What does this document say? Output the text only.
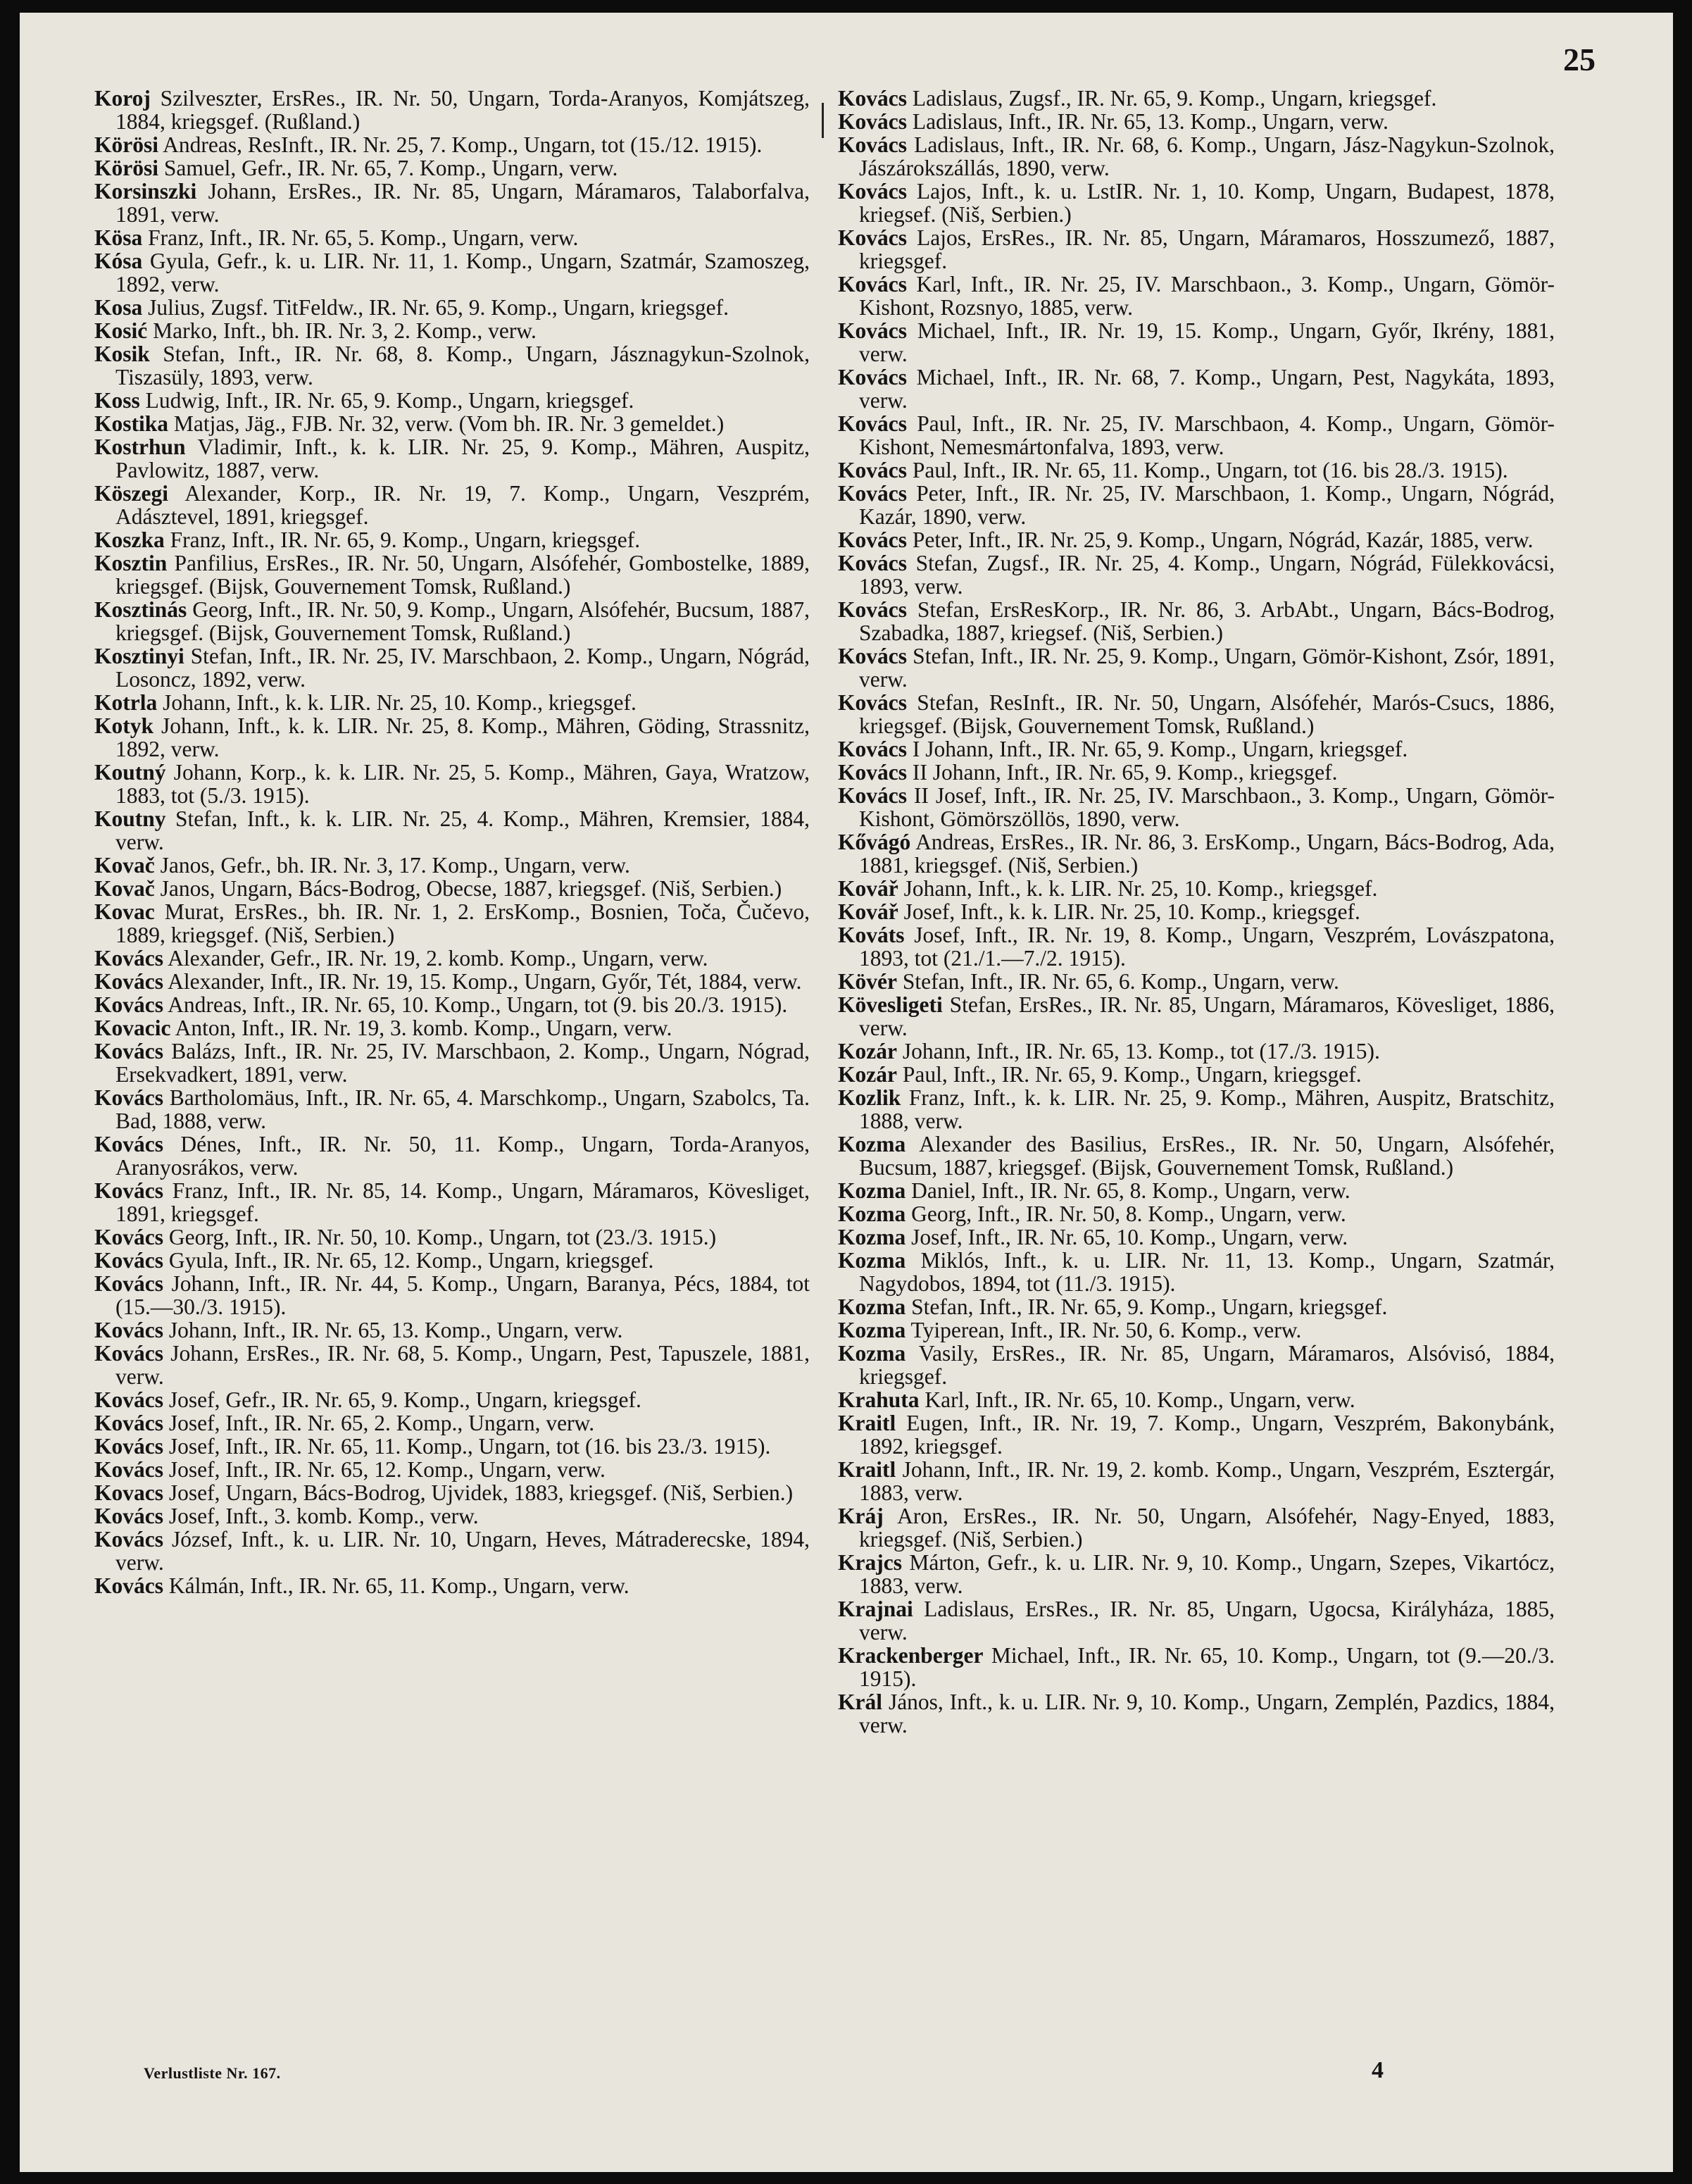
25

Koroj Szilveszter, ErsRes., IR. Nr. 50, Ungarn, Torda-Aranyos, Komjátszeg, 1884, kriegsgef. (Rußland.)

Körösi Andreas, ResInft., IR. Nr. 25, 7. Komp., Ungarn, tot (15./12. 1915).

Körösi Samuel, Gefr., IR. Nr. 65, 7. Komp., Ungarn, verw.

Korsinszki Johann, ErsRes., IR. Nr. 85, Ungarn, Máramaros, Talaborfalva, 1891, verw.

Kösa Franz, Inft., IR. Nr. 65, 5. Komp., Ungarn, verw.

Kósa Gyula, Gefr., k. u. LIR. Nr. 11, 1. Komp., Ungarn, Szatmár, Szamoszeg, 1892, verw.

Kosa Julius, Zugsf. TitFeldw., IR. Nr. 65, 9. Komp., Ungarn, kriegsgef.

Kosić Marko, Inft., bh. IR. Nr. 3, 2. Komp., verw.

Kosik Stefan, Inft., IR. Nr. 68, 8. Komp., Ungarn, Jásznagykun-Szolnok, Tiszasüly, 1893, verw.

Koss Ludwig, Inft., IR. Nr. 65, 9. Komp., Ungarn, kriegsgef.

Kostika Matjas, Jäg., FJB. Nr. 32, verw. (Vom bh. IR. Nr. 3 gemeldet.)

Kostrhun Vladimir, Inft., k. k. LIR. Nr. 25, 9. Komp., Mähren, Auspitz, Pavlowitz, 1887, verw.

Köszegi Alexander, Korp., IR. Nr. 19, 7. Komp., Ungarn, Veszprém, Adásztevel, 1891, kriegsgef.

Koszka Franz, Inft., IR. Nr. 65, 9. Komp., Ungarn, kriegsgef.

Kosztin Panfilius, ErsRes., IR. Nr. 50, Ungarn, Alsófehér, Gombostelke, 1889, kriegsgef. (Bijsk, Gouvernement Tomsk, Rußland.)

Kosztinás Georg, Inft., IR. Nr. 50, 9. Komp., Ungarn, Alsófehér, Bucsum, 1887, kriegsgef. (Bijsk, Gouvernement Tomsk, Rußland.)

Kosztinyi Stefan, Inft., IR. Nr. 25, IV. Marschbaon, 2. Komp., Ungarn, Nógrád, Losoncz, 1892, verw.

Kotrla Johann, Inft., k. k. LIR. Nr. 25, 10. Komp., kriegsgef.

Kotyk Johann, Inft., k. k. LIR. Nr. 25, 8. Komp., Mähren, Göding, Strassnitz, 1892, verw.

Koutný Johann, Korp., k. k. LIR. Nr. 25, 5. Komp., Mähren, Gaya, Wratzow, 1883, tot (5./3. 1915).

Koutny Stefan, Inft., k. k. LIR. Nr. 25, 4. Komp., Mähren, Kremsier, 1884, verw.

Kovač Janos, Gefr., bh. IR. Nr. 3, 17. Komp., Ungarn, verw.

Kovač Janos, Ungarn, Bács-Bodrog, Obecse, 1887, kriegsgef. (Niš, Serbien.)

Kovac Murat, ErsRes., bh. IR. Nr. 1, 2. ErsKomp., Bosnien, Toča, Čučevo, 1889, kriegsgef. (Niš, Serbien.)

Kovács Alexander, Gefr., IR. Nr. 19, 2. komb. Komp., Ungarn, verw.

Kovács Alexander, Inft., IR. Nr. 19, 15. Komp., Ungarn, Győr, Tét, 1884, verw.

Kovács Andreas, Inft., IR. Nr. 65, 10. Komp., Ungarn, tot (9. bis 20./3. 1915).

Kovacic Anton, Inft., IR. Nr. 19, 3. komb. Komp., Ungarn, verw.

Kovács Balázs, Inft., IR. Nr. 25, IV. Marschbaon, 2. Komp., Ungarn, Nógrad, Ersekvadkert, 1891, verw.

Kovács Bartholomäus, Inft., IR. Nr. 65, 4. Marschkomp., Ungarn, Szabolcs, Ta. Bad, 1888, verw.

Kovács Dénes, Inft., IR. Nr. 50, 11. Komp., Ungarn, Torda-Aranyos, Aranyosrákos, verw.

Kovács Franz, Inft., IR. Nr. 85, 14. Komp., Ungarn, Máramaros, Kövesliget, 1891, kriegsgef.

Kovács Georg, Inft., IR. Nr. 50, 10. Komp., Ungarn, tot (23./3. 1915.)

Kovács Gyula, Inft., IR. Nr. 65, 12. Komp., Ungarn, kriegsgef.

Kovács Johann, Inft., IR. Nr. 44, 5. Komp., Ungarn, Baranya, Pécs, 1884, tot (15.—30./3. 1915).

Kovács Johann, Inft., IR. Nr. 65, 13. Komp., Ungarn, verw.

Kovács Johann, ErsRes., IR. Nr. 68, 5. Komp., Ungarn, Pest, Tapuszele, 1881, verw.

Kovács Josef, Gefr., IR. Nr. 65, 9. Komp., Ungarn, kriegsgef.

Kovács Josef, Inft., IR. Nr. 65, 2. Komp., Ungarn, verw.

Kovács Josef, Inft., IR. Nr. 65, 11. Komp., Ungarn, tot (16. bis 23./3. 1915).

Kovács Josef, Inft., IR. Nr. 65, 12. Komp., Ungarn, verw.

Kovacs Josef, Ungarn, Bács-Bodrog, Ujvidek, 1883, kriegsgef. (Niš, Serbien.)

Kovács Josef, Inft., 3. komb. Komp., verw.

Kovács József, Inft., k. u. LIR. Nr. 10, Ungarn, Heves, Mátraderecske, 1894, verw.

Kovács Kálmán, Inft., IR. Nr. 65, 11. Komp., Ungarn, verw.

Kovács Ladislaus, Zugsf., IR. Nr. 65, 9. Komp., Ungarn, kriegsgef.

Kovács Ladislaus, Inft., IR. Nr. 65, 13. Komp., Ungarn, verw.

Kovács Ladislaus, Inft., IR. Nr. 68, 6. Komp., Ungarn, Jász-Nagykun-Szolnok, Jászárokszállás, 1890, verw.

Kovács Lajos, Inft., k. u. LstIR. Nr. 1, 10. Komp, Ungarn, Budapest, 1878, kriegsef. (Niš, Serbien.)

Kovács Lajos, ErsRes., IR. Nr. 85, Ungarn, Máramaros, Hosszumező, 1887, kriegsgef.

Kovács Karl, Inft., IR. Nr. 25, IV. Marschbaon., 3. Komp., Ungarn, Gömör-Kishont, Rozsnyo, 1885, verw.

Kovács Michael, Inft., IR. Nr. 19, 15. Komp., Ungarn, Győr, Ikrény, 1881, verw.

Kovács Michael, Inft., IR. Nr. 68, 7. Komp., Ungarn, Pest, Nagykáta, 1893, verw.

Kovács Paul, Inft., IR. Nr. 25, IV. Marschbaon, 4. Komp., Ungarn, Gömör-Kishont, Nemesmártonfalva, 1893, verw.

Kovács Paul, Inft., IR. Nr. 65, 11. Komp., Ungarn, tot (16. bis 28./3. 1915).

Kovács Peter, Inft., IR. Nr. 25, IV. Marschbaon, 1. Komp., Ungarn, Nógrád, Kazár, 1890, verw.

Kovács Peter, Inft., IR. Nr. 25, 9. Komp., Ungarn, Nógrád, Kazár, 1885, verw.

Kovács Stefan, Zugsf., IR. Nr. 25, 4. Komp., Ungarn, Nógrád, Fülekkovácsi, 1893, verw.

Kovács Stefan, ErsResKorp., IR. Nr. 86, 3. ArbAbt., Ungarn, Bács-Bodrog, Szabadka, 1887, kriegsef. (Niš, Serbien.)

Kovács Stefan, Inft., IR. Nr. 25, 9. Komp., Ungarn, Gömör-Kishont, Zsór, 1891, verw.

Kovács Stefan, ResInft., IR. Nr. 50, Ungarn, Alsófehér, Marós-Csucs, 1886, kriegsgef. (Bijsk, Gouvernement Tomsk, Rußland.)

Kovács I Johann, Inft., IR. Nr. 65, 9. Komp., Ungarn, kriegsgef.

Kovács II Johann, Inft., IR. Nr. 65, 9. Komp., kriegsgef.

Kovács II Josef, Inft., IR. Nr. 25, IV. Marschbaon., 3. Komp., Ungarn, Gömör-Kishont, Gömörszöllös, 1890, verw.

Kővágó Andreas, ErsRes., IR. Nr. 86, 3. ErsKomp., Ungarn, Bács-Bodrog, Ada, 1881, kriegsgef. (Niš, Serbien.)

Kovář Johann, Inft., k. k. LIR. Nr. 25, 10. Komp., kriegsgef.

Kovář Josef, Inft., k. k. LIR. Nr. 25, 10. Komp., kriegsgef.

Kováts Josef, Inft., IR. Nr. 19, 8. Komp., Ungarn, Veszprém, Lovászpatona, 1893, tot (21./1.—7./2. 1915).

Kövér Stefan, Inft., IR. Nr. 65, 6. Komp., Ungarn, verw.

Kövesligeti Stefan, ErsRes., IR. Nr. 85, Ungarn, Máramaros, Kövesliget, 1886, verw.

Kozár Johann, Inft., IR. Nr. 65, 13. Komp., tot (17./3. 1915).

Kozár Paul, Inft., IR. Nr. 65, 9. Komp., Ungarn, kriegsgef.

Kozlik Franz, Inft., k. k. LIR. Nr. 25, 9. Komp., Mähren, Auspitz, Bratschitz, 1888, verw.

Kozma Alexander des Basilius, ErsRes., IR. Nr. 50, Ungarn, Alsófehér, Bucsum, 1887, kriegsgef. (Bijsk, Gouvernement Tomsk, Rußland.)

Kozma Daniel, Inft., IR. Nr. 65, 8. Komp., Ungarn, verw.

Kozma Georg, Inft., IR. Nr. 50, 8. Komp., Ungarn, verw.

Kozma Josef, Inft., IR. Nr. 65, 10. Komp., Ungarn, verw.

Kozma Miklós, Inft., k. u. LIR. Nr. 11, 13. Komp., Ungarn, Szatmár, Nagydobos, 1894, tot (11./3. 1915).

Kozma Stefan, Inft., IR. Nr. 65, 9. Komp., Ungarn, kriegsgef.

Kozma Tyiperean, Inft., IR. Nr. 50, 6. Komp., verw.

Kozma Vasily, ErsRes., IR. Nr. 85, Ungarn, Máramaros, Alsóvisó, 1884, kriegsgef.

Krahuta Karl, Inft., IR. Nr. 65, 10. Komp., Ungarn, verw.

Kraitl Eugen, Inft., IR. Nr. 19, 7. Komp., Ungarn, Veszprém, Bakonybánk, 1892, kriegsgef.

Kraitl Johann, Inft., IR. Nr. 19, 2. komb. Komp., Ungarn, Veszprém, Esztergár, 1883, verw.

Kráj Aron, ErsRes., IR. Nr. 50, Ungarn, Alsófehér, Nagy-Enyed, 1883, kriegsgef. (Niš, Serbien.)

Krajcs Márton, Gefr., k. u. LIR. Nr. 9, 10. Komp., Ungarn, Szepes, Vikartócz, 1883, verw.

Krajnai Ladislaus, ErsRes., IR. Nr. 85, Ungarn, Ugocsa, Királyháza, 1885, verw.

Krackenberger Michael, Inft., IR. Nr. 65, 10. Komp., Ungarn, tot (9.—20./3. 1915).

Král János, Inft., k. u. LIR. Nr. 9, 10. Komp., Ungarn, Zemplén, Pazdics, 1884, verw.

Verlustliste Nr. 167.	4
